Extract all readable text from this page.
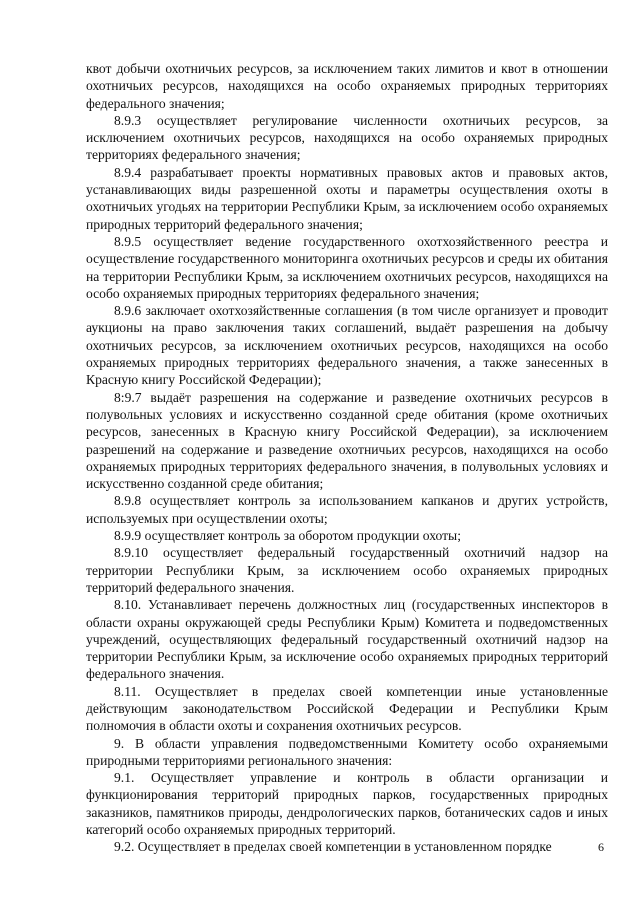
квот добычи охотничьих ресурсов, за исключением таких лимитов и квот в отношении охотничьих ресурсов, находящихся на особо охраняемых природных территориях федерального значения;

8.9.3 осуществляет регулирование численности охотничьих ресурсов, за исключением охотничьих ресурсов, находящихся на особо охраняемых природных территориях федерального значения;

8.9.4 разрабатывает проекты нормативных правовых актов и правовых актов, устанавливающих виды разрешенной охоты и параметры осуществления охоты в охотничьих угодьях на территории Республики Крым, за исключением особо охраняемых природных территорий федерального значения;

8.9.5 осуществляет ведение государственного охотхозяйственного реестра и осуществление государственного мониторинга охотничьих ресурсов и среды их обитания на территории Республики Крым, за исключением охотничьих ресурсов, находящихся на особо охраняемых природных территориях федерального значения;

8.9.6 заключает охотхозяйственные соглашения (в том числе организует и проводит аукционы на право заключения таких соглашений, выдаёт разрешения на добычу охотничьих ресурсов, за исключением охотничьих ресурсов, находящихся на особо охраняемых природных территориях федерального значения, а также занесенных в Красную книгу Российской Федерации);

8:9.7 выдаёт разрешения на содержание и разведение охотничьих ресурсов в полувольных условиях и искусственно созданной среде обитания (кроме охотничьих ресурсов, занесенных в Красную книгу Российской Федерации), за исключением разрешений на содержание и разведение охотничьих ресурсов, находящихся на особо охраняемых природных территориях федерального значения, в полувольных условиях и искусственно созданной среде обитания;

8.9.8 осуществляет контроль за использованием капканов и других устройств, используемых при осуществлении охоты;

8.9.9 осуществляет контроль за оборотом продукции охоты;

8.9.10 осуществляет федеральный государственный охотничий надзор на территории Республики Крым, за исключением особо охраняемых природных территорий федерального значения.

8.10. Устанавливает перечень должностных лиц (государственных инспекторов в области охраны окружающей среды Республики Крым) Комитета и подведомственных учреждений, осуществляющих федеральный государственный охотничий надзор на территории Республики Крым, за исключение особо охраняемых природных территорий федерального значения.

8.11. Осуществляет в пределах своей компетенции иные установленные действующим законодательством Российской Федерации и Республики Крым полномочия в области охоты и сохранения охотничьих ресурсов.

9. В области управления подведомственными Комитету особо охраняемыми природными территориями регионального значения:

9.1. Осуществляет управление и контроль в области организации и функционирования территорий природных парков, государственных природных заказников, памятников природы, дендрологических парков, ботанических садов и иных категорий особо охраняемых природных территорий.

9.2. Осуществляет в пределах своей компетенции в установленном порядке	6
